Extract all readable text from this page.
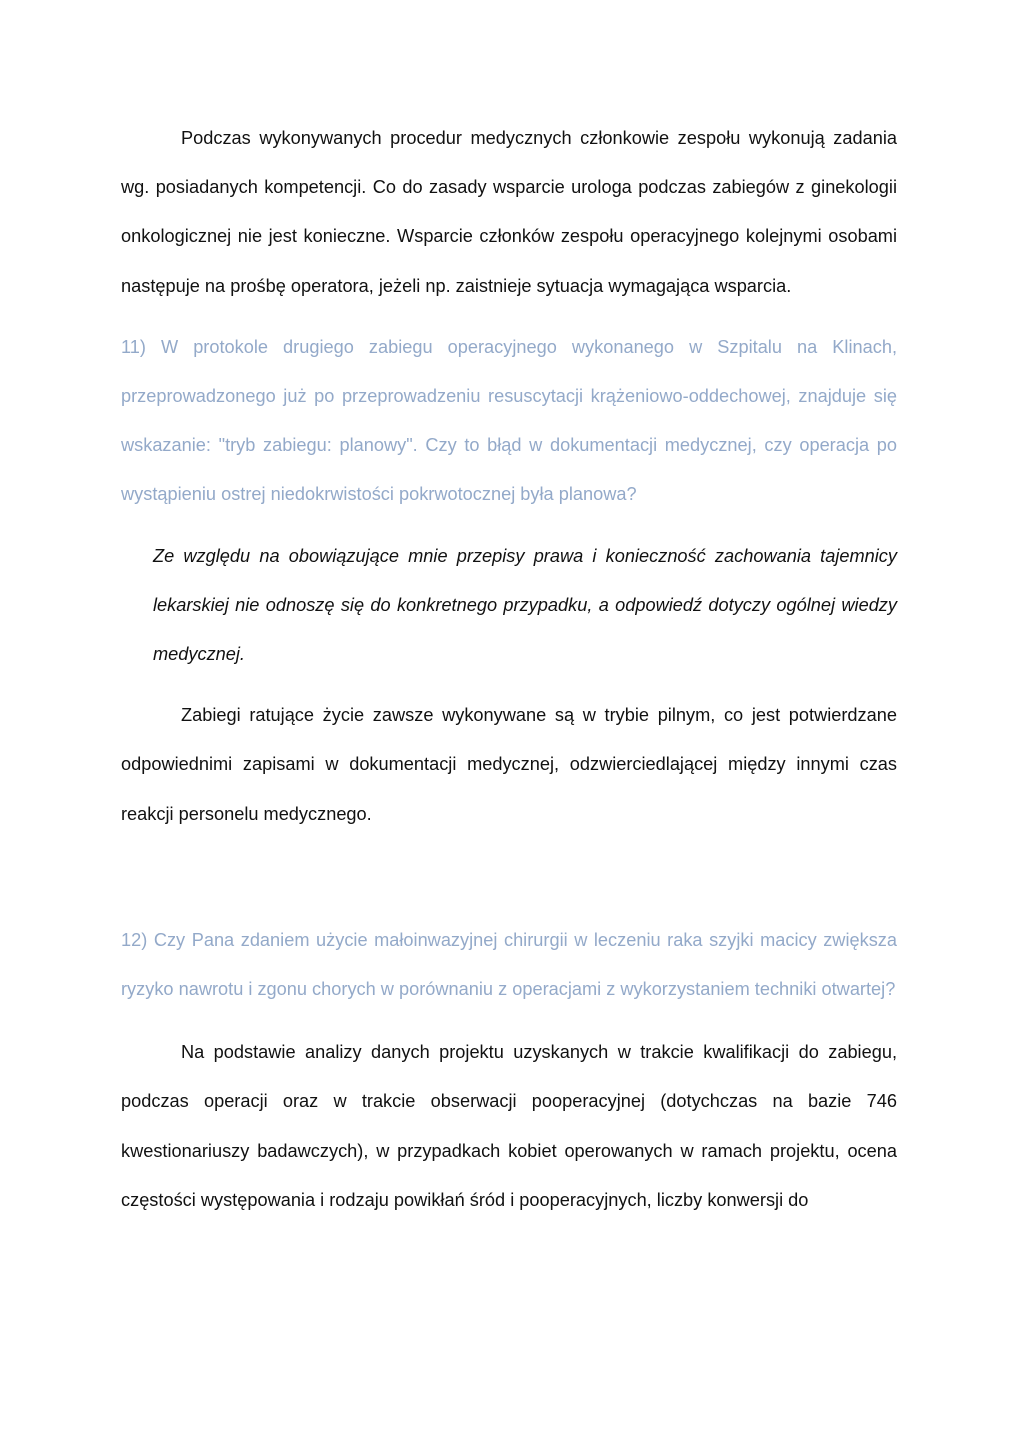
Podczas wykonywanych procedur medycznych członkowie zespołu wykonują zadania wg. posiadanych kompetencji. Co do zasady wsparcie urologa podczas zabiegów z ginekologii onkologicznej nie jest konieczne. Wsparcie członków zespołu operacyjnego kolejnymi osobami następuje na prośbę operatora, jeżeli np. zaistnieje sytuacja wymagająca wsparcia.

11) W protokole drugiego zabiegu operacyjnego wykonanego w Szpitalu na Klinach, przeprowadzonego już po przeprowadzeniu resuscytacji krążeniowo-oddechowej, znajduje się wskazanie: "tryb zabiegu: planowy". Czy to błąd w dokumentacji medycznej, czy operacja po wystąpieniu ostrej niedokrwistości pokrwotocznej była planowa?

Ze względu na obowiązujące mnie przepisy prawa i konieczność zachowania tajemnicy lekarskiej nie odnoszę się do konkretnego przypadku, a odpowiedź dotyczy ogólnej wiedzy medycznej.

Zabiegi ratujące życie zawsze wykonywane są w trybie pilnym, co jest potwierdzane odpowiednimi zapisami w dokumentacji medycznej, odzwierciedlającej między innymi czas reakcji personelu medycznego.

12) Czy Pana zdaniem użycie małoinwazyjnej chirurgii w leczeniu raka szyjki macicy zwiększa ryzyko nawrotu i zgonu chorych w porównaniu z operacjami z wykorzystaniem techniki otwartej?

Na podstawie analizy danych projektu uzyskanych w trakcie kwalifikacji do zabiegu, podczas operacji oraz w trakcie obserwacji pooperacyjnej (dotychczas na bazie 746 kwestionariuszy badawczych), w przypadkach kobiet operowanych w ramach projektu, ocena częstości występowania i rodzaju powikłań śród i pooperacyjnych, liczby konwersji do
